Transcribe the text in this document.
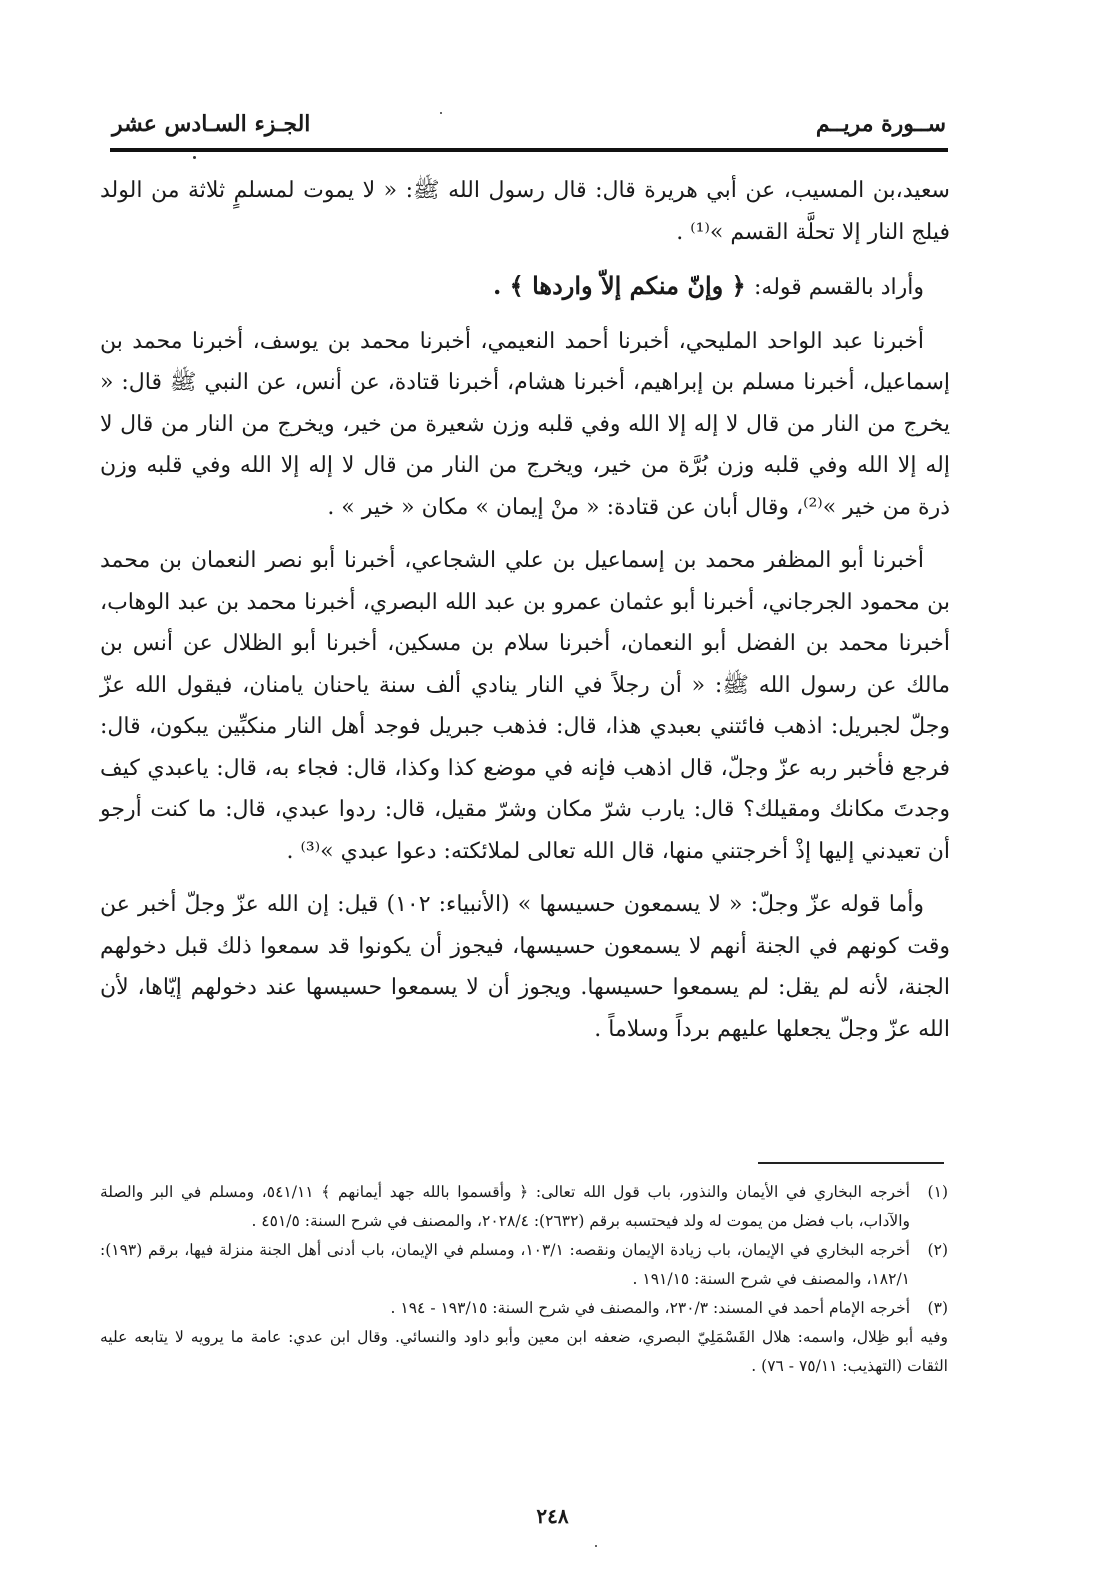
ســورة مريــم
الجـزء السـادس عشر

سعيد،بن المسيب، عن أبي هريرة قال: قال رسول الله ﷺ: « لا يموت لمسلمٍ ثلاثة من الولد فيلج النار إلا تحلَّة القسم »⁽¹⁾ .

وأراد بالقسم قوله: ﴿ وإنّ منكم إلاّ واردها ﴾ .

أخبرنا عبد الواحد المليحي، أخبرنا أحمد النعيمي، أخبرنا محمد بن يوسف، أخبرنا محمد بن إسماعيل، أخبرنا مسلم بن إبراهيم، أخبرنا هشام، أخبرنا قتادة، عن أنس، عن النبي ﷺ قال: « يخرج من النار من قال لا إله إلا الله وفي قلبه وزن شعيرة من خير، ويخرج من النار من قال لا إله إلا الله وفي قلبه وزن بُرَّة من خير، ويخرج من النار من قال لا إله إلا الله وفي قلبه وزن ذرة من خير »⁽²⁾، وقال أبان عن قتادة: « منْ إيمان » مكان « خير » .

أخبرنا أبو المظفر محمد بن إسماعيل بن علي الشجاعي، أخبرنا أبو نصر النعمان بن محمد بن محمود الجرجاني، أخبرنا أبو عثمان عمرو بن عبد الله البصري، أخبرنا محمد بن عبد الوهاب، أخبرنا محمد بن الفضل أبو النعمان، أخبرنا سلام بن مسكين، أخبرنا أبو الظلال عن أنس بن مالك عن رسول الله ﷺ: « أن رجلاً في النار ينادي ألف سنة ياحنان يامنان، فيقول الله عزّ وجلّ لجبريل: اذهب فائتني بعبدي هذا، قال: فذهب جبريل فوجد أهل النار منكبِّين يبكون، قال: فرجع فأخبر ربه عزّ وجلّ، قال اذهب فإنه في موضع كذا وكذا، قال: فجاء به، قال: ياعبدي كيف وجدتَ مكانك ومقيلك؟ قال: يارب شرّ مكان وشرّ مقيل، قال: ردوا عبدي، قال: ما كنت أرجو أن تعيدني إليها إذْ أخرجتني منها، قال الله تعالى لملائكته: دعوا عبدي »⁽³⁾ .

وأما قوله عزّ وجلّ: « لا يسمعون حسيسها » (الأنبياء: ١٠٢) قيل: إن الله عزّ وجلّ أخبر عن وقت كونهم في الجنة أنهم لا يسمعون حسيسها، فيجوز أن يكونوا قد سمعوا ذلك قبل دخولهم الجنة، لأنه لم يقل: لم يسمعوا حسيسها. ويجوز أن لا يسمعوا حسيسها عند دخولهم إيّاها، لأن الله عزّ وجلّ يجعلها عليهم برداً وسلاماً .

(١)
أخرجه البخاري في الأيمان والنذور، باب قول الله تعالى: ﴿ وأقسموا بالله جهد أيمانهم ﴾ ٥٤١/١١، ومسلم في البر والصلة والآداب، باب فضل من يموت له ولد فيحتسبه برقم (٢٦٣٢): ٢٠٢٨/٤، والمصنف في شرح السنة: ٤٥١/٥ .
(٢)
أخرجه البخاري في الإيمان، باب زيادة الإيمان ونقصه: ١٠٣/١، ومسلم في الإيمان، باب أدنى أهل الجنة منزلة فيها، برقم (١٩٣): ١٨٢/١، والمصنف في شرح السنة: ١٩١/١٥ .
(٣)
أخرجه الإمام أحمد في المسند: ٢٣٠/٣، والمصنف في شرح السنة: ١٩٣/١٥ - ١٩٤ .

وفيه أبو ظِلال، واسمه: هلال القَسْمَلِيّ البصري، ضعفه ابن معين وأبو داود والنسائي. وقال ابن عدي: عامة ما يرويه لا يتابعه عليه الثقات (التهذيب: ٧٥/١١ - ٧٦) .

٢٤٨
